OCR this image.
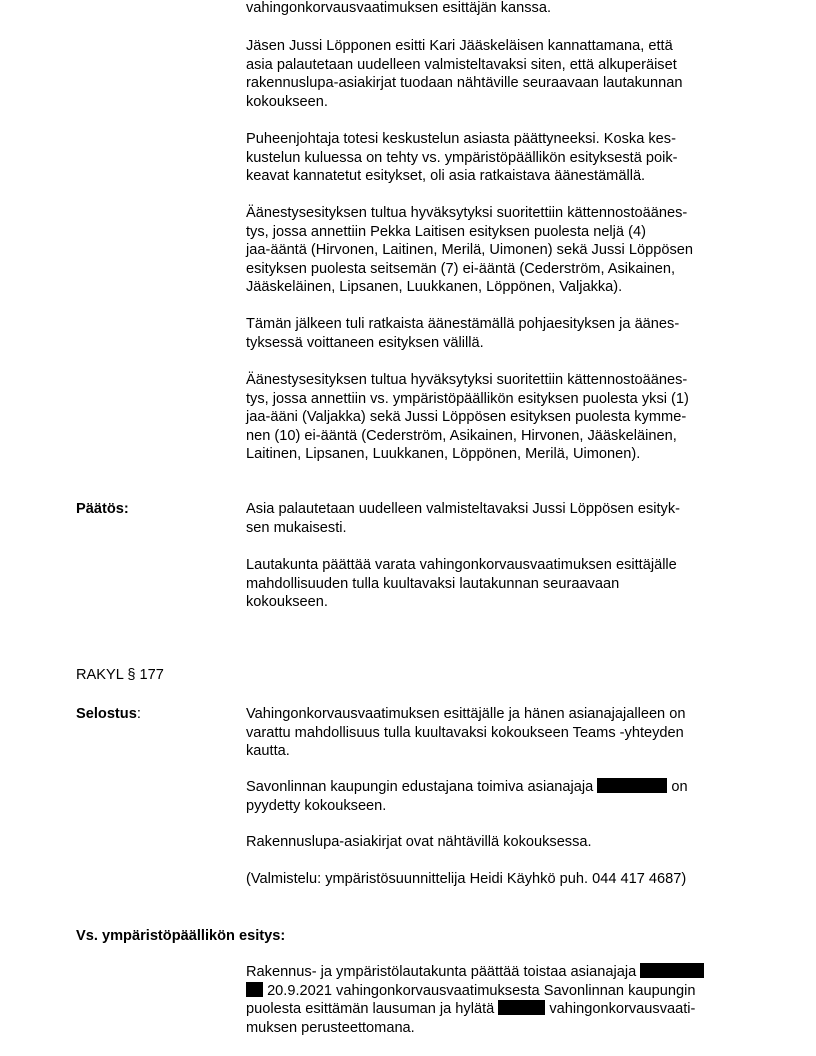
vahingonkorvausvaatimuksen esittäjän kanssa.
Jäsen Jussi Löpponen esitti Kari Jääskeläisen kannattamana, että
asia palautetaan uudelleen valmisteltavaksi siten, että alkuperäiset
rakennuslupa-asiakirjat tuodaan nähtäville seuraavaan lautakunnan
kokoukseen.
Puheenjohtaja totesi keskustelun asiasta päättyneeksi. Koska kes-
kustelun kuluessa on tehty vs. ympäristöpäällikön esityksestä poik-
keavat kannatetut esitykset, oli asia ratkaistava äänestämällä.
Äänestysesityksen tultua hyväksytyksi suoritettiin kättennostoäänes-
tys, jossa annettiin Pekka Laitisen esityksen puolesta neljä (4)
jaa-ääntä (Hirvonen, Laitinen, Merilä, Uimonen) sekä Jussi Löppösen
esityksen puolesta seitsemän (7) ei-ääntä (Cederström, Asikainen,
Jääskeläinen, Lipsanen, Luukkanen, Löppönen, Valjakka).
Tämän jälkeen tuli ratkaista äänestämällä pohjaesityksen ja äänes-
tyksessä voittaneen esityksen välillä.
Äänestysesityksen tultua hyväksytyksi suoritettiin kättennostoäänes-
tys, jossa annettiin vs. ympäristöpäällikön esityksen puolesta yksi (1)
jaa-ääni (Valjakka) sekä Jussi Löppösen esityksen puolesta kymme-
nen (10) ei-ääntä (Cederström, Asikainen, Hirvonen, Jääskeläinen,
Laitinen, Lipsanen, Luukkanen, Löppönen, Merilä, Uimonen).
Päätös:	Asia palautetaan uudelleen valmisteltavaksi Jussi Löppösen esityk-
sen mukaisesti.
Lautakunta päättää varata vahingonkorvausvaatimuksen esittäjälle
mahdollisuuden tulla kuultavaksi lautakunnan seuraavaan
kokoukseen.
RAKYL § 177
Selostus:	Vahingonkorvausvaatimuksen esittäjälle ja hänen asianajajalleen on
varattu mahdollisuus tulla kuultavaksi kokoukseen Teams -yhteyden
kautta.
Savonlinnan kaupungin edustajana toimiva asianajaja	on
pyydetty kokoukseen.
Rakennuslupa-asiakirjat ovat nähtävillä kokouksessa.
(Valmistelu: ympäristösuunnittelija Heidi Käyhkö puh. 044 417 4687)
Vs. ympäristöpäällikön esitys:
Rakennus- ja ympäristölautakunta päättää toistaa asianajaja
20.9.2021 vahingonkorvausvaatimuksesta Savonlinnan kaupungin
puolesta esittämän lausuman ja hylätä	vahingonkorvausvaati-
muksen perusteettomana.
